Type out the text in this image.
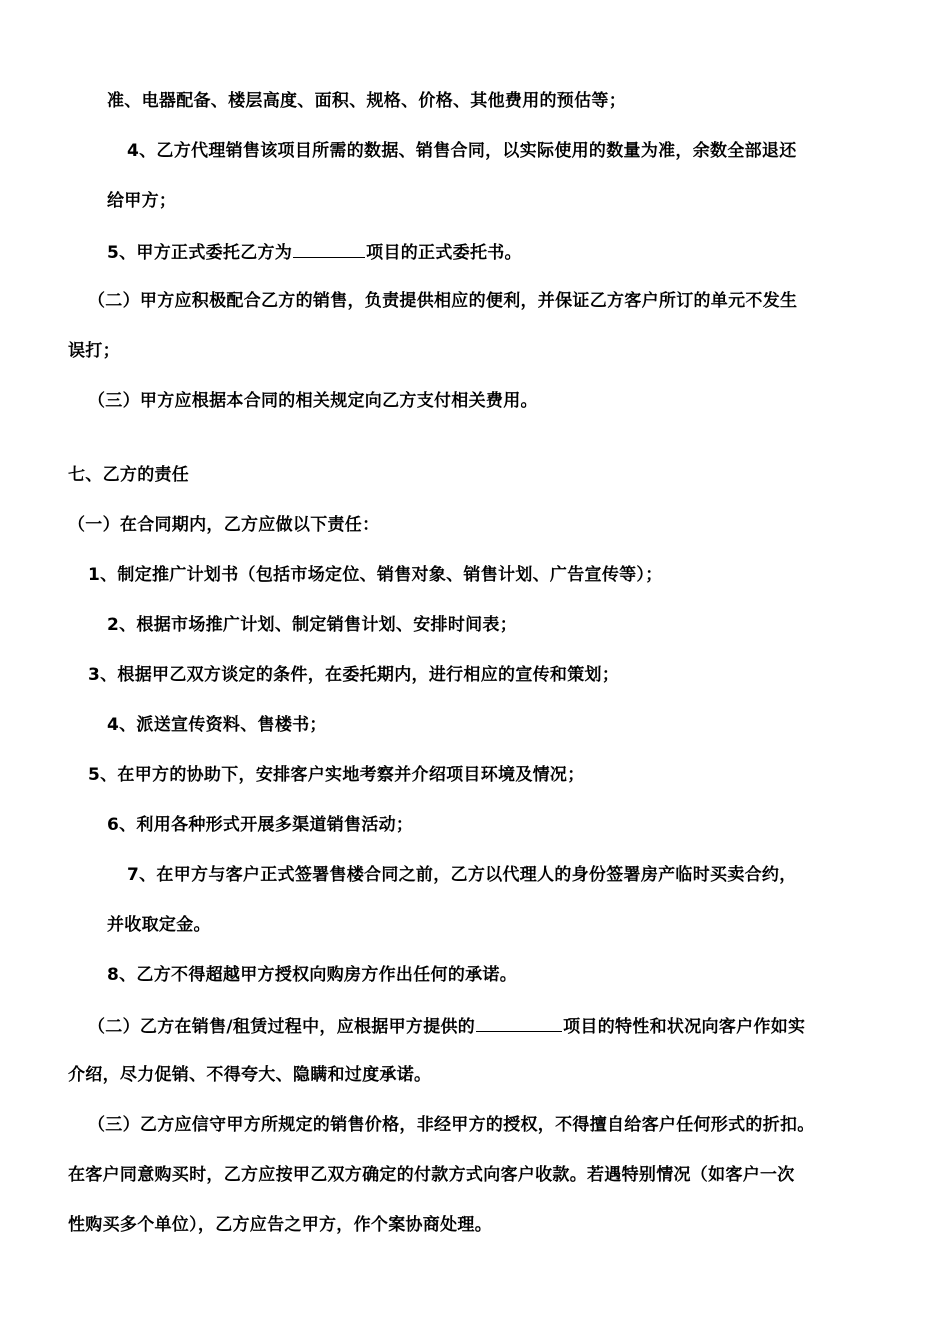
准、电器配备、楼层高度、面积、规格、价格、其他费用的预估等；
4、乙方代理销售该项目所需的数据、销售合同，以实际使用的数量为准，余数全部退还
给甲方；
5、甲方正式委托乙方为	项目的正式委托书。
（二）甲方应积极配合乙方的销售，负责提供相应的便利，并保证乙方客户所订的单元不发生
误打；
（三）甲方应根据本合同的相关规定向乙方支付相关费用。
七、乙方的责任
（一）在合同期内，乙方应做以下责任：
1、制定推广计划书（包括市场定位、销售对象、销售计划、广告宣传等）；
2、根据市场推广计划、制定销售计划、安排时间表；
3、根据甲乙双方谈定的条件，在委托期内，进行相应的宣传和策划；
4、派送宣传资料、售楼书；
5、在甲方的协助下，安排客户实地考察并介绍项目环境及情况；
6、利用各种形式开展多渠道销售活动；
7、在甲方与客户正式签署售楼合同之前，乙方以代理人的身份签署房产临时买卖合约，
并收取定金。
8、乙方不得超越甲方授权向购房方作出任何的承诺。
（二）乙方在销售/租赁过程中，应根据甲方提供的	项目的特性和状况向客户作如实
介绍，尽力促销、不得夸大、隐瞒和过度承诺。
（三）乙方应信守甲方所规定的销售价格，非经甲方的授权，不得擅自给客户任何形式的折扣。
在客户同意购买时，乙方应按甲乙双方确定的付款方式向客户收款。若遇特别情况（如客户一次
性购买多个单位），乙方应告之甲方，作个案协商处理。
